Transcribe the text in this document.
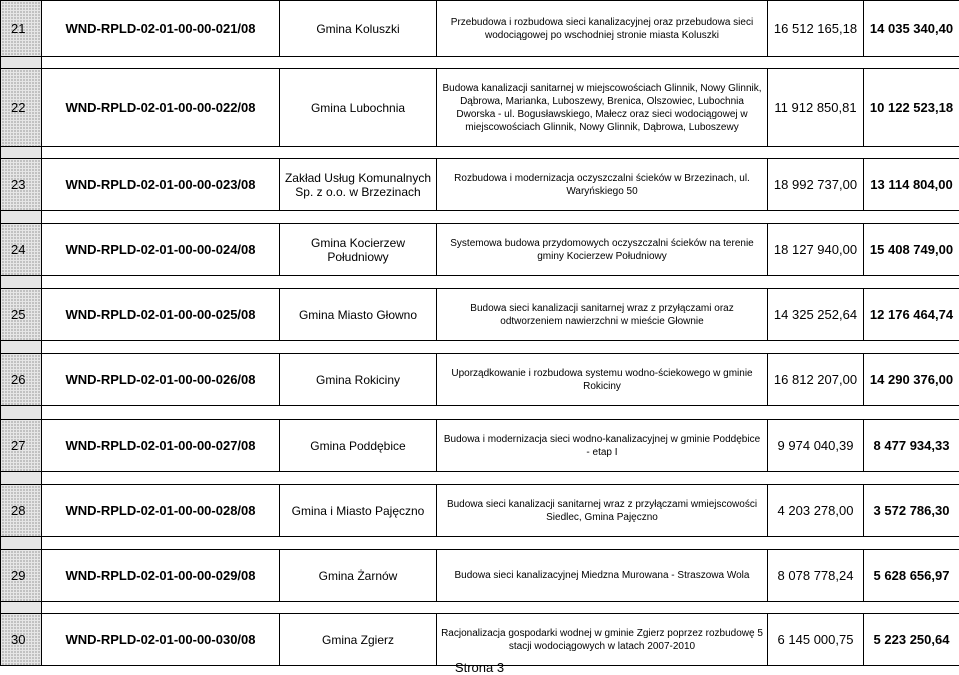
21	WND-RPLD-02-01-00-00-021/08	Gmina Koluszki	Przebudowa i rozbudowa sieci kanalizacyjnej oraz przebudowa sieci wodociągowej po wschodniej stronie miasta Koluszki	16 512 165,18	14 035 340,40

22	WND-RPLD-02-01-00-00-022/08	Gmina Lubochnia	Budowa kanalizacji sanitarnej w miejscowościach Glinnik, Nowy Glinnik, Dąbrowa, Marianka, Luboszewy, Brenica, Olszowiec, Lubochnia Dworska - ul. Bogusławskiego, Małecz oraz sieci wodociągowej w miejscowościach Glinnik, Nowy Glinnik, Dąbrowa, Luboszewy	11 912 850,81	10 122 523,18

23	WND-RPLD-02-01-00-00-023/08	Zakład Usług Komunalnych Sp. z o.o. w Brzezinach	Rozbudowa i modernizacja oczyszczalni ścieków w Brzezinach, ul. Waryńskiego 50	18 992 737,00	13 114 804,00

24	WND-RPLD-02-01-00-00-024/08	Gmina Kocierzew Południowy	Systemowa budowa przydomowych oczyszczalni ścieków na terenie gminy Kocierzew Południowy	18 127 940,00	15 408 749,00

25	WND-RPLD-02-01-00-00-025/08	Gmina Miasto Głowno	Budowa sieci kanalizacji sanitarnej wraz z przyłączami oraz odtworzeniem nawierzchni w mieście Głownie	14 325 252,64	12 176 464,74

26	WND-RPLD-02-01-00-00-026/08	Gmina Rokiciny	Uporządkowanie i rozbudowa systemu wodno-ściekowego w gminie Rokiciny	16 812 207,00	14 290 376,00

27	WND-RPLD-02-01-00-00-027/08	Gmina Poddębice	Budowa i modernizacja sieci wodno-kanalizacyjnej w gminie Poddębice - etap I	9 974 040,39	8 477 934,33

28	WND-RPLD-02-01-00-00-028/08	Gmina i Miasto Pajęczno	Budowa sieci kanalizacji sanitarnej wraz z przyłączami wmiejscowości Siedlec, Gmina Pajęczno	4 203 278,00	3 572 786,30

29	WND-RPLD-02-01-00-00-029/08	Gmina Żarnów	Budowa sieci kanalizacyjnej Miedzna Murowana - Straszowa Wola	8 078 778,24	5 628 656,97

30	WND-RPLD-02-01-00-00-030/08	Gmina Zgierz	Racjonalizacja gospodarki wodnej w gminie Zgierz poprzez rozbudowę 5 stacji wodociągowych w latach 2007-2010	6 145 000,75	5 223 250,64
Strona 3
